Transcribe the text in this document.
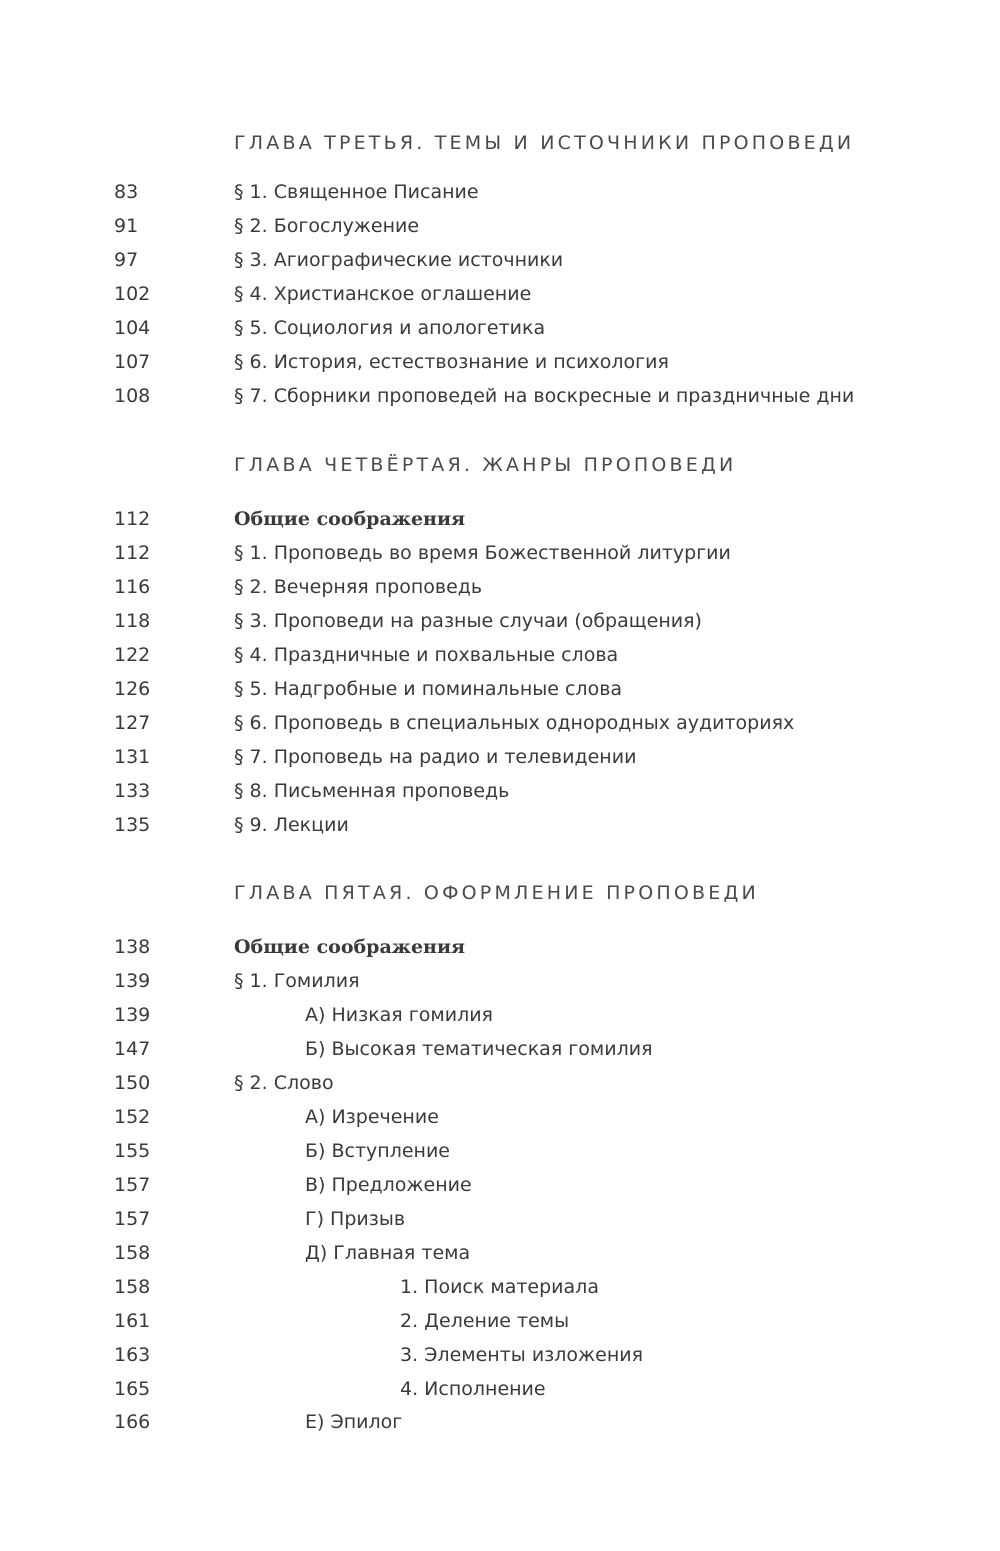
ГЛАВА ТРЕТЬЯ. ТЕМЫ И ИСТОЧНИКИ ПРОПОВЕДИ
83	§ 1. Священное Писание
91	§ 2. Богослужение
97	§ 3. Агиографические источники
102	§ 4. Христианское оглашение
104	§ 5. Социология и апологетика
107	§ 6. История, естествознание и психология
108	§ 7. Сборники проповедей на воскресные и праздничные дни
ГЛАВА ЧЕТВЁРТАЯ. ЖАНРЫ ПРОПОВЕДИ
112	Общие соображения
112	§ 1. Проповедь во время Божественной литургии
116	§ 2. Вечерняя проповедь
118	§ 3. Проповеди на разные случаи (обращения)
122	§ 4. Праздничные и похвальные слова
126	§ 5. Надгробные и поминальные слова
127	§ 6. Проповедь в специальных однородных аудиториях
131	§ 7. Проповедь на радио и телевидении
133	§ 8. Письменная проповедь
135	§ 9. Лекции
ГЛАВА ПЯТАЯ. ОФОРМЛЕНИЕ ПРОПОВЕДИ
138	Общие соображения
139	§ 1. Гомилия
139	А) Низкая гомилия
147	Б) Высокая тематическая гомилия
150	§ 2. Слово
152	А) Изречение
155	Б) Вступление
157	В) Предложение
157	Г) Призыв
158	Д) Главная тема
158	1. Поиск материала
161	2. Деление темы
163	3. Элементы изложения
165	4. Исполнение
166	Е) Эпилог
